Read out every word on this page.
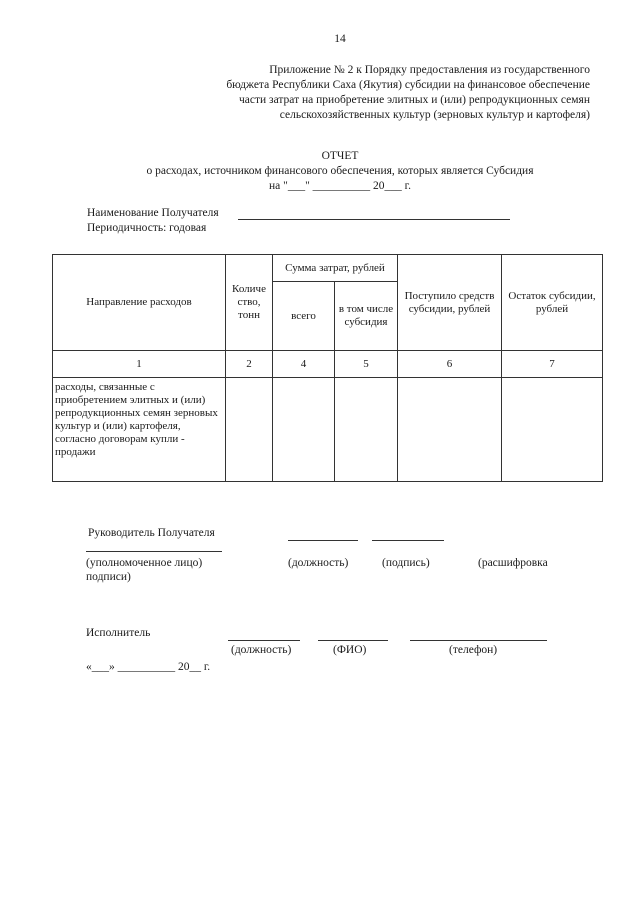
14
Приложение № 2 к Порядку предоставления из государственного
бюджета Республики Саха (Якутия) субсидии на финансовое обеспечение
части затрат на приобретение элитных и (или) репродукционных семян
сельскохозяйственных культур (зерновых культур и картофеля)
ОТЧЕТ
о расходах, источником финансового обеспечения, которых является Субсидия
на "___" __________ 20___ г.
Наименование Получателя
Периодичность: годовая
Направление расходов	Количе ство, тонн	Сумма затрат, рублей		Поступило средств субсидии, рублей	Остаток субсидии, рублей
		всего	в том числе субсидия		
1	2	4	5	6	7
расходы, связанные с приобретением элитных и (или) репродукционных семян зерновых культур и (или) картофеля, согласно договорам купли - продажи					
Руководитель Получателя
(уполномоченное лицо)	(должность)	(подпись)	(расшифровка
подписи)
Исполнитель
(должность)	(ФИО)	(телефон)
«___» __________ 20__ г.
